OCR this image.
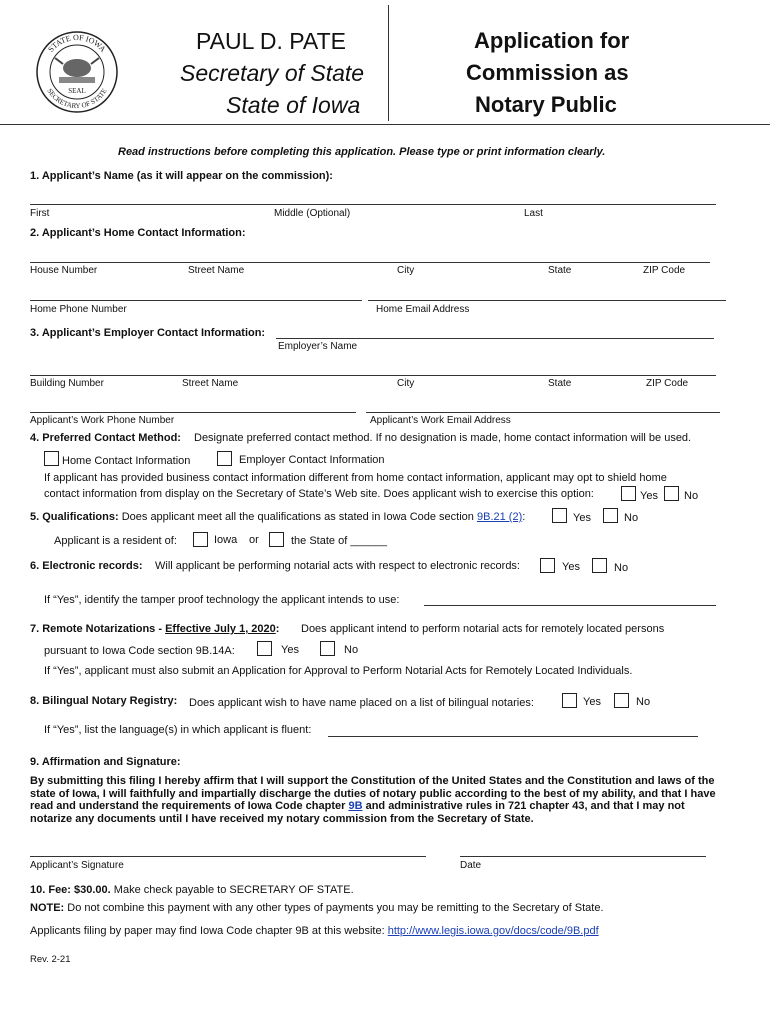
STATE OF IOWA
SECRETARY OF STATE
SEAL
PAUL D. PATE
Secretary of State
State of Iowa
Application for
Commission as
Notary Public
Read instructions before completing this application. Please type or print information clearly.
1. Applicant’s Name (as it will appear on the commission):
First	Middle (Optional)	Last
2. Applicant’s Home Contact Information:
House Number	Street Name	City	State	ZIP Code
Home Phone Number	Home Email Address
3. Applicant’s Employer Contact Information:
Employer’s Name
Building Number	Street Name	City	State	ZIP Code
Applicant’s Work Phone Number	Applicant’s Work Email Address
4. Preferred Contact Method: Designate preferred contact method. If no designation is made, home contact information will be used.
Home Contact Information	Employer Contact Information
If applicant has provided business contact information different from home contact information, applicant may opt to shield home
contact information from display on the Secretary of State’s Web site. Does applicant wish to exercise this option:	Yes No
5. Qualifications: Does applicant meet all the qualifications as stated in Iowa Code section 9B.21 (2):	Yes	No
Applicant is a resident of:	Iowa or	the State of ______
6. Electronic records: Will applicant be performing notarial acts with respect to electronic records:	Yes	No
If “Yes”, identify the tamper proof technology the applicant intends to use:
7. Remote Notarizations - Effective July 1, 2020: Does applicant intend to perform notarial acts for remotely located persons
pursuant to Iowa Code section 9B.14A:	Yes	No
If “Yes”, applicant must also submit an Application for Approval to Perform Notarial Acts for Remotely Located Individuals.
8. Bilingual Notary Registry: Does applicant wish to have name placed on a list of bilingual notaries:	Yes	No
If “Yes”, list the language(s) in which applicant is fluent:
9. Affirmation and Signature:
By submitting this filing I hereby affirm that I will support the Constitution of the United States and the Constitution and laws of the state of Iowa, I will faithfully and impartially discharge the duties of notary public according to the best of my ability, and that I have read and understand the requirements of Iowa Code chapter 9B and administrative rules in 721 chapter 43, and that I may not notarize any documents until I have received my notary commission from the Secretary of State.
Applicant’s Signature	Date
10. Fee: $30.00. Make check payable to SECRETARY OF STATE.
NOTE: Do not combine this payment with any other types of payments you may be remitting to the Secretary of State.
Applicants filing by paper may find Iowa Code chapter 9B at this website: http://www.legis.iowa.gov/docs/code/9B.pdf
Rev. 2-21
